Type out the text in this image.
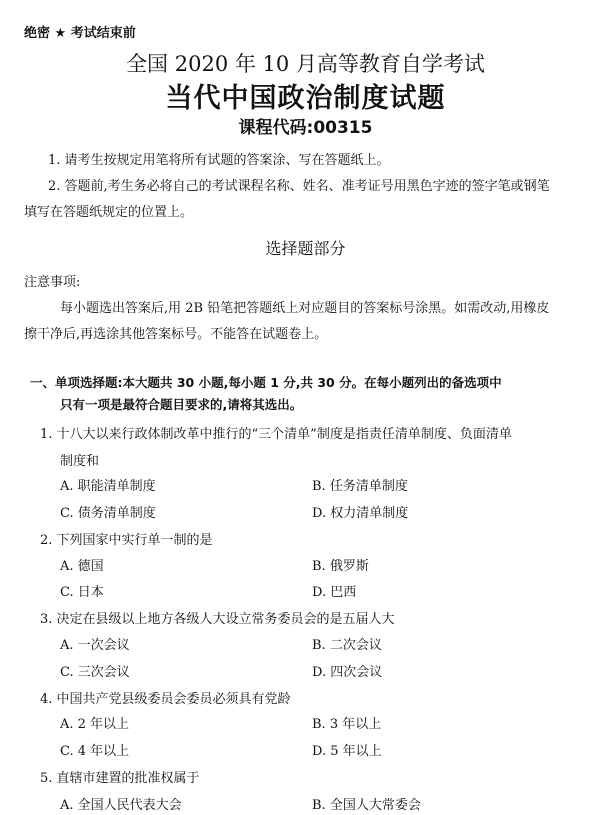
绝密 ★ 考试结束前
全国 2020 年 10 月高等教育自学考试
当代中国政治制度试题
课程代码:00315
1. 请考生按规定用笔将所有试题的答案涂、写在答题纸上。
2. 答题前,考生务必将自己的考试课程名称、姓名、准考证号用黑色字迹的签字笔或钢笔
填写在答题纸规定的位置上。
选择题部分
注意事项:
每小题选出答案后,用 2B 铅笔把答题纸上对应题目的答案标号涂黑。如需改动,用橡皮
擦干净后,再选涂其他答案标号。不能答在试题卷上。
一、单项选择题:本大题共 30 小题,每小题 1 分,共 30 分。在每小题列出的备选项中
只有一项是最符合题目要求的,请将其选出。
1. 十八大以来行政体制改革中推行的“三个清单”制度是指责任清单制度、负面清单
制度和
A. 职能清单制度	B. 任务清单制度
C. 债务清单制度	D. 权力清单制度
2. 下列国家中实行单一制的是
A. 德国	B. 俄罗斯
C. 日本	D. 巴西
3. 决定在县级以上地方各级人大设立常务委员会的是五届人大
A. 一次会议	B. 二次会议
C. 三次会议	D. 四次会议
4. 中国共产党县级委员会委员必须具有党龄
A. 2 年以上	B. 3 年以上
C. 4 年以上	D. 5 年以上
5. 直辖市建置的批准权属于
A. 全国人民代表大会	B. 全国人大常委会
